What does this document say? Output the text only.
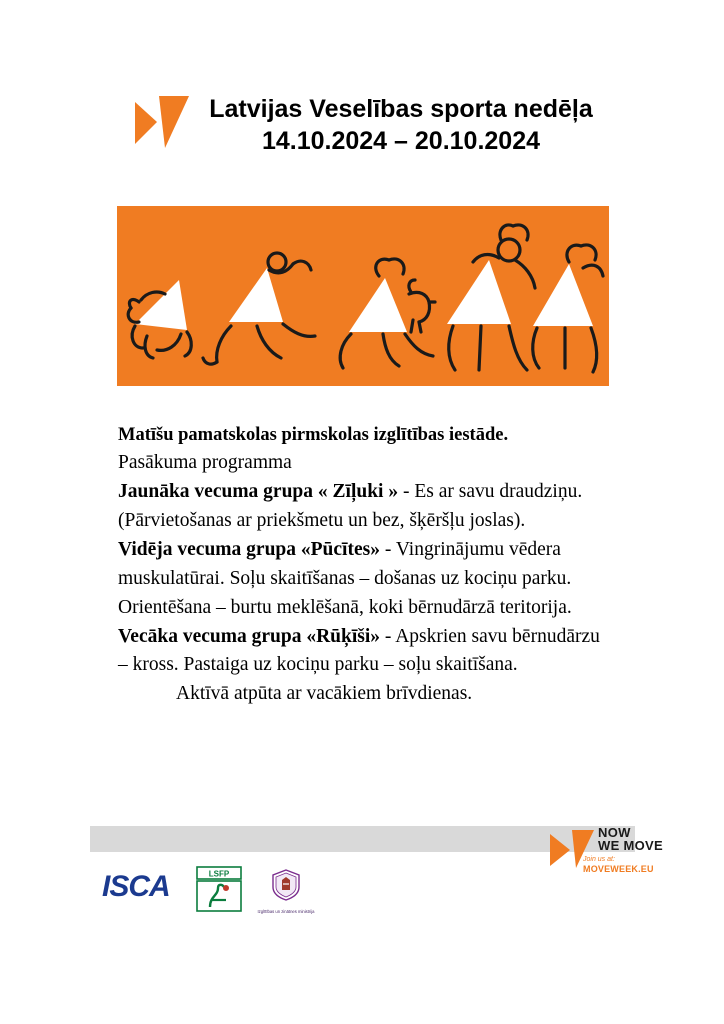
Latvijas Veselības sporta nedēļa
14.10.2024 – 20.10.2024

Matīšu pamatskolas pirmskolas izglītības iestāde.

Pasākuma programma

Jaunāka vecuma grupa « Zīļuki » - Es ar savu draudziņu. (Pārvietošanas ar priekšmetu un bez, šķēršļu joslas).

Vidēja vecuma grupa «Pūcītes» - Vingrinājumu vēdera muskulatūrai. Soļu skaitīšanas – došanas uz kociņu parku. Orientēšana – burtu meklēšanā, koki bērnudārzā teritorija.

Vecāka vecuma grupa «Rūķīši» - Apskrien savu bērnudārzu – kross. Pastaiga uz kociņu parku – soļu skaitīšana.

Aktīvā atpūta ar vacākiem brīvdienas.

NOW
WE MOVE
Join us at:
MOVEWEEK.EU
ISCA	LSFP
Izglītības un zinātnes ministrija
